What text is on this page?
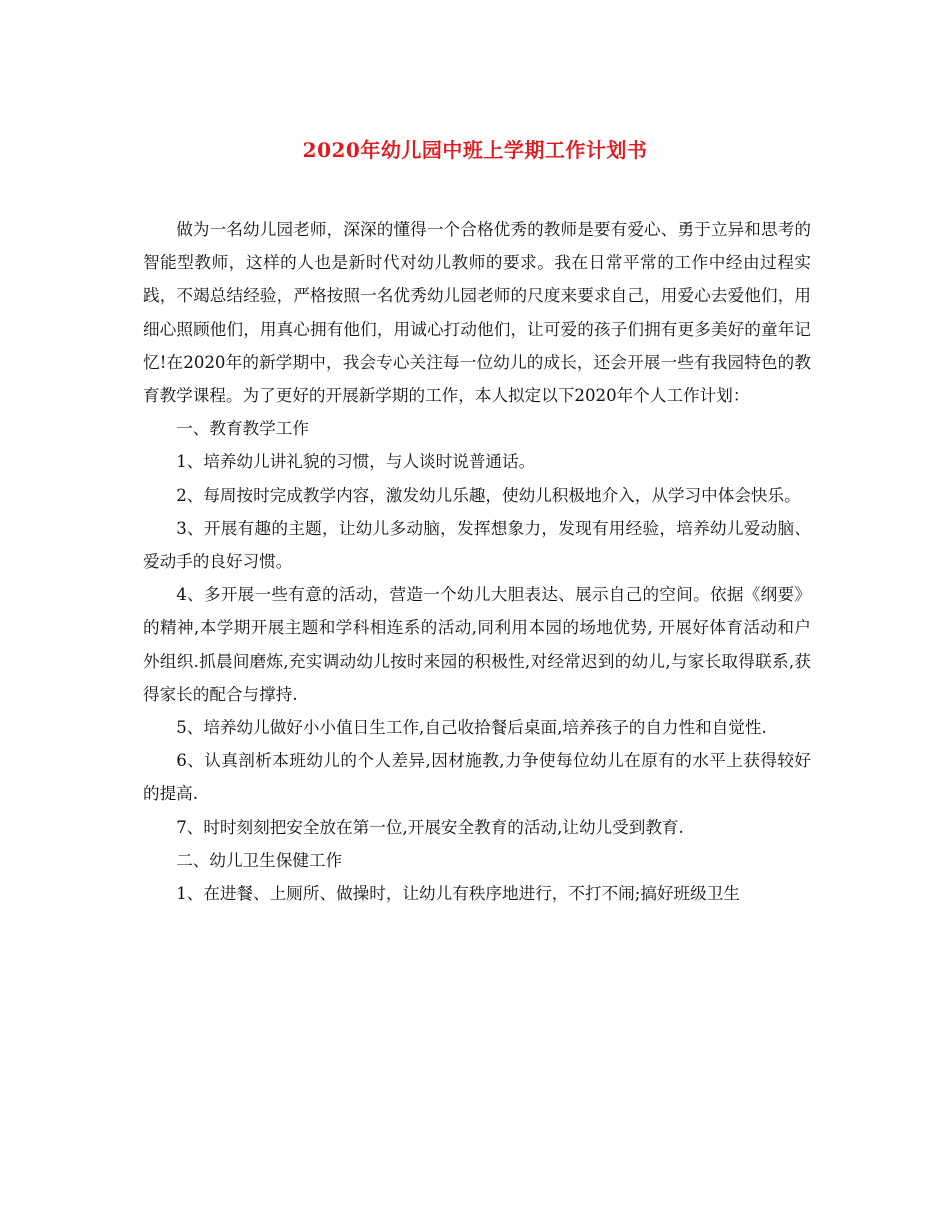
2020年幼儿园中班上学期工作计划书

做为一名幼儿园老师，深深的懂得一个合格优秀的教师是要有爱心、勇于立异和思考的智能型教师，这样的人也是新时代对幼儿教师的要求。我在日常平常的工作中经由过程实践，不竭总结经验，严格按照一名优秀幼儿园老师的尺度来要求自己，用爱心去爱他们，用细心照顾他们，用真心拥有他们，用诚心打动他们，让可爱的孩子们拥有更多美好的童年记忆!在2020年的新学期中，我会专心关注每一位幼儿的成长，还会开展一些有我园特色的教育教学课程。为了更好的开展新学期的工作，本人拟定以下2020年个人工作计划：

一、教育教学工作

1、培养幼儿讲礼貌的习惯，与人谈时说普通话。

2、每周按时完成教学内容，激发幼儿乐趣，使幼儿积极地介入，从学习中体会快乐。

3、开展有趣的主题，让幼儿多动脑，发挥想象力，发现有用经验，培养幼儿爱动脑、爱动手的良好习惯。

4、多开展一些有意的活动，营造一个幼儿大胆表达、展示自己的空间。依据《纲要》的精神,本学期开展主题和学科相连系的活动,同利用本园的场地优势, 开展好体育活动和户外组织.抓晨间磨炼,充实调动幼儿按时来园的积极性,对经常迟到的幼儿,与家长取得联系,获得家长的配合与撑持.

5、培养幼儿做好小小值日生工作,自己收拾餐后桌面,培养孩子的自力性和自觉性.

6、认真剖析本班幼儿的个人差异,因材施教,力争使每位幼儿在原有的水平上获得较好的提高.

7、时时刻刻把安全放在第一位,开展安全教育的活动,让幼儿受到教育.

二、幼儿卫生保健工作

1、在进餐、上厕所、做操时，让幼儿有秩序地进行，不打不闹;搞好班级卫生
